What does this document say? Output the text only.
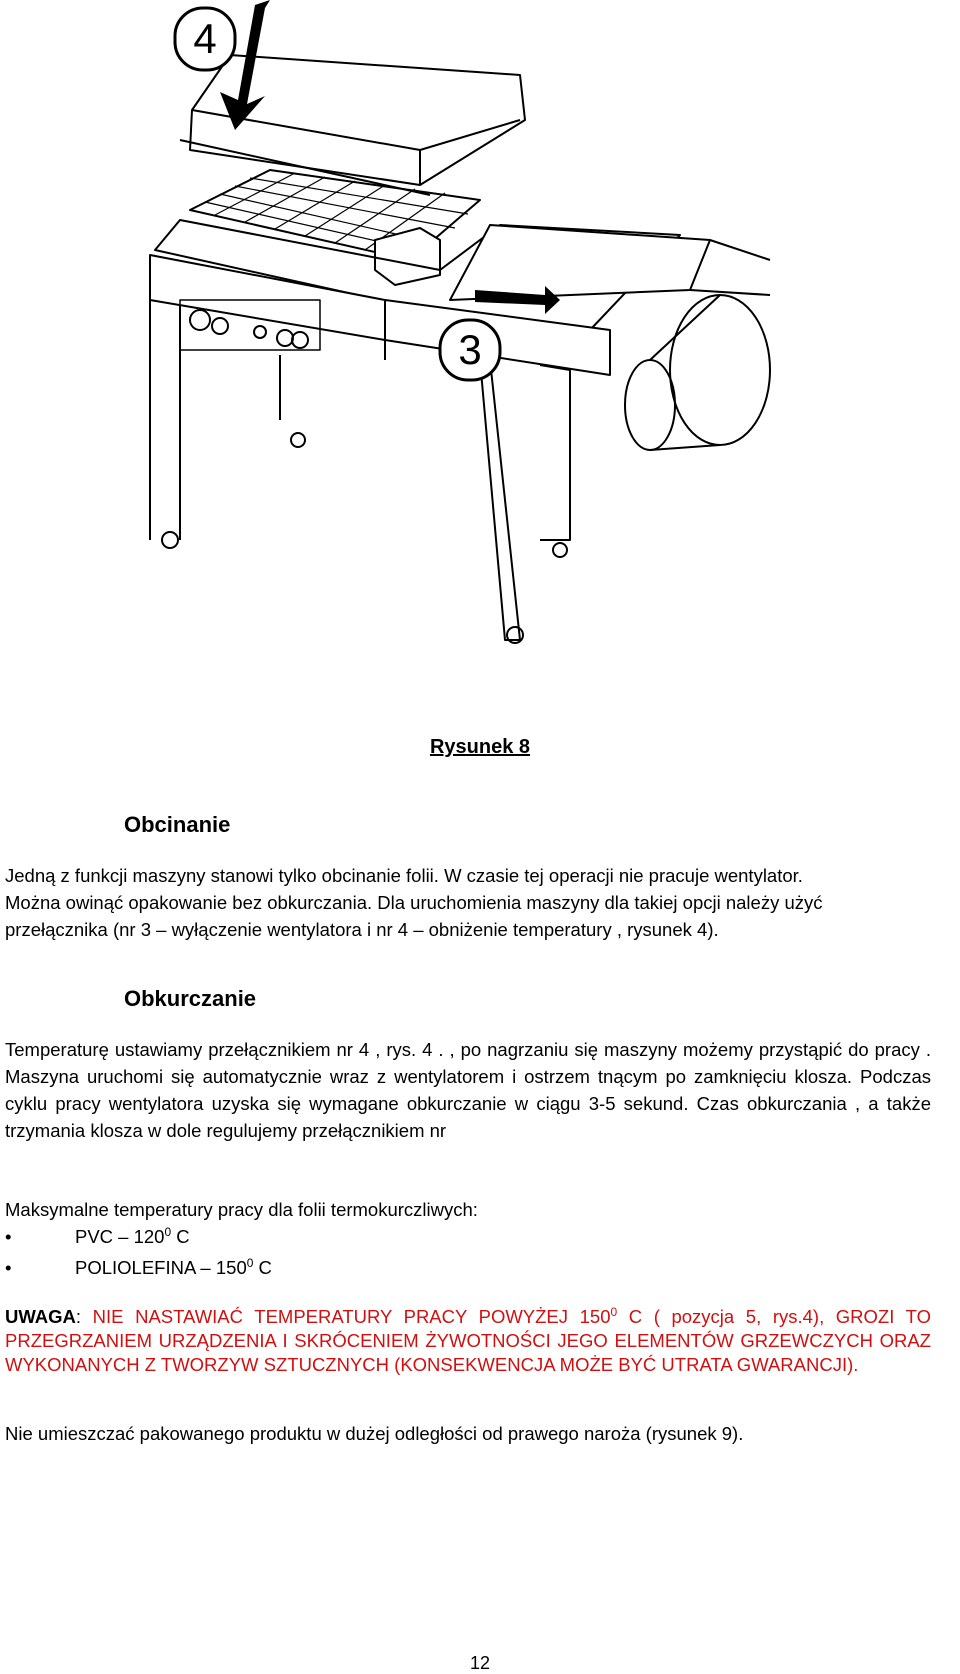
4
3
Rysunek 8
Obcinanie
Jedną z funkcji maszyny stanowi tylko obcinanie folii. W czasie tej operacji nie pracuje wentylator.
Można owinąć opakowanie bez obkurczania. Dla uruchomienia maszyny dla takiej opcji należy użyć
przełącznika (nr 3 – wyłączenie wentylatora i nr 4 – obniżenie temperatury , rysunek 4).
Obkurczanie
Temperaturę ustawiamy przełącznikiem nr 4 , rys. 4 . , po nagrzaniu się maszyny możemy przystąpić do pracy . Maszyna uruchomi się automatycznie wraz z wentylatorem i ostrzem tnącym po zamknięciu klosza. Podczas cyklu pracy wentylatora uzyska się wymagane obkurczanie w ciągu 3-5 sekund. Czas obkurczania , a także trzymania klosza w dole regulujemy przełącznikiem nr
Maksymalne temperatury pracy dla folii termokurczliwych:
•	PVC – $120^0$ C
•	POLIOLEFINA – $150^0$ C
UWAGA: NIE NASTAWIAĆ TEMPERATURY PRACY POWYŻEJ $150^0$ C ( pozycja 5, rys.4), GROZI TO PRZEGRZANIEM URZĄDZENIA I SKRÓCENIEM ŻYWOTNOŚCI JEGO ELEMENTÓW GRZEWCZYCH ORAZ WYKONANYCH Z TWORZYW SZTUCZNYCH (KONSEKWENCJA MOŻE BYĆ UTRATA GWARANCJI).
Nie umieszczać pakowanego produktu w dużej odległości od prawego naroża (rysunek 9).
12
